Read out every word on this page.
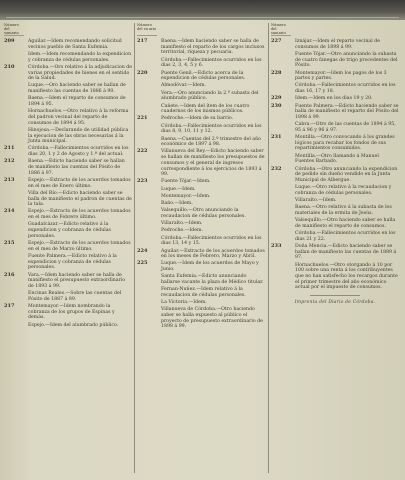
Número del sumario
209	Aguilar.—Idem recomendando solicitud vecinos pueblo de Santa Eufemia.
Idem.—Idem recomendando la expendicion y cobranza de cédulas personales.
210	Córdoba.—Oro relativo á la adjudicacion de varias propiedades de bienes en el sentido de la Salud.
Luque.—Oro haciendo saber se hallan de manifiesto las cuentas de 1886 á 90.
Baena.—Idem el reparto de consumos de 1894 á 95.
Hornachuelos.—Otro relativo á la reforma del padron vecinal del reparto de consumos de 1894 á 95.
Hinojosa.—Declarando de utilidad pública la ejecucion de las obras necesarias á la Junta municipal.
211	Córdoba.—Fallecimientos ocurridos en los dias 20, 1 y 2 de Agosto y 1.º del actual.
212	Baena.—Edicto haciendo saber se hallan de manifiesto las cuentas del Pósito de 1886 á 97.
213	Espejo.—Extracto de los acuerdos tomados en el mes de Enero último.
Villa del Río.—Edicto haciendo saber se halla de manifiesto el padron de cuentas de la tala.
214	Espejo.—Extracto de los acuerdos tomados en el mes de Febrero último.
Guadalcázar.—Edicto relativo á la expendicion y cobranza de cédulas personales.
215	Espejo.—Extracto de los acuerdos tomados en el mes de Marzo último.
Fuente Palmera.—Edicto relativo á la expendicion y cobranza de cédulas personales.
216	Vara.—Idem haciendo saber se halla de manifiesto el presupuesto extraordinario de 1893 á 99.
Encinas Reales.—Sobre las cuentas del Pósito de 1887 á 89.
217	Montemayor.—Idem nombrando la cobranza de los grupos de Espinas y demás.
Espejo.—Idem del alumbrado público.
Número del su ario
217	Baena.—Idem haciendo saber se halla de manifiesto el reparto de los cargos inclusos territorial, riqueza y pecuaria.
Córdoba.—Fallecimientos ocurridos en los dias 2, 3, 4, 5 y 6.
220	Puente Genil.—Edicto acerca de la expendicion de cédulas personales.
Almodóvar.—Idem.
Vera.—Oro anunciando la 2.ª subasta del alumbrado público.
Cañete.—Idem del ítem de los cuatro cuadernos de los mismos públicos.
221	Pedroche.—Idem de su barrio.
Córdoba.—Fallecimientos ocurridos en los dias 8, 9, 10, 11 y 12.
Baena.—Cuentas del 2.º trimestre del año económico de 1897 á 98.
222	Villanueva del Rey.—Edicto haciendo saber se hallan de manifiesto los presupuestos de consumos y el general de ingresos correspondiente á los ejercicios de 1893 á 99.
223	Fuente Tójar.—Idem.
Luque.—Idem.
Montemayor.—Idem.
Baño.—Idem.
Valsequillo.—Otro anunciando la recaudacion de cédulas personales.
Villaralto.—Idem.
Pedroche.—Idem.
Córdoba.—Fallecimientos ocurridos en los dias 13, 14 y 15.
224	Aguilar.—Extracto de los acuerdos tomados en los meses de Febrero, Marzo y Abril.
225	Luque.—Idem de los acuerdos de Mayo y Junio.
Santa Eufemia.—Edicto anunciando hallarse vacante la plaza de Médico titular.
Fernan-Nuñez.—Idem relativo á la recaudacion de cédulas personales.
La Victoria.—Idem.
Villanueva de Córdoba.—Otro haciendo saber se halla expuesto al público el proyecto de presupuesto extraordinario de 1898 á 99.
Número del sumario
227	Iznájar.—Idem el reparto vecinal de consumos de 1898 á 99.
Fuente Tójar.—Otro anunciando la subasta de cuatro fanegas de trigo procedentes del Pósito.
228	Montemayor.—Idem los pagos de los 3 partes y partes.
Córdoba.—Fallecimientos ocurridos en los dias 16, 17 y 18.
229	Idem.—Idem en los dias 19 y 20.
230	Fuente Palmera.—Edicto haciendo saber se halla de manifiesto el reparto del Pósito del 1898 á 99.
Cabra.—Otro de las cuentas de 1894 á 95, 95 á 96 y 96 á 97.
231	Montilla.—Otro convocando á los grandes lógicos para recabar los fondos de sus repartimientos consumidos.
Montilla.—Otro llamando á Manuel Fuentes Barbado.
232	Córdoba.—Otro anunciando la expendicion de pedido sin dueño vendido en la Junta Municipal de Albergue.
Luque.—Otro relativo á la recaudacion y cobranza de cédulas personales.
Villaralto.—Idem.
Baena.—Otro relativo á la subasta de los materiales de la ermita de Jesús.
Valsequillo.—Otro haciendo saber se halla de manifiesto el reparto de consumos.
Córdoba.—Fallecimientos ocurridos en los dias 21 y 22.
233	Doña Mencia.—Edicto haciendo saber se hallan de manifiesto las cuentas de 1889 á 97.
Hornachuelos.—Otro otorgando á 10 por 100 sobre una renta á los contribuyentes que no han satisfecho los recargos durante el primer trimestre del año económico actual por el impuesto de consumos.
Imprenta del Diario de Córdoba.
